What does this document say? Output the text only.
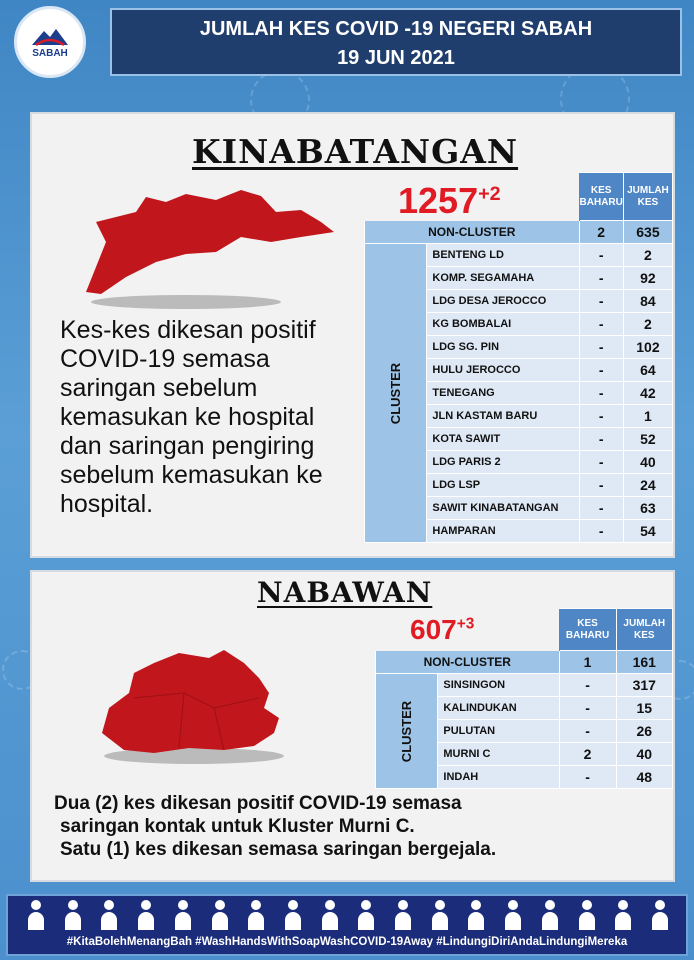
SABAH
JUMLAH KES COVID -19 NEGERI SABAH
19 JUN 2021
KINABATANGAN
$1257^{+2}$
Kes-kes dikesan positif COVID-19 semasa saringan sebelum kemasukan ke hospital dan saringan pengiring sebelum kemasukan ke hospital.
		KES BAHARU	JUMLAH KES
NON-CLUSTER		2	635
CLUSTER	BENTENG LD	-	2
	KOMP. SEGAMAHA	-	92
	LDG DESA JEROCCO	-	84
	KG BOMBALAI	-	2
	LDG SG. PIN	-	102
	HULU JEROCCO	-	64
	TENEGANG	-	42
	JLN KASTAM BARU	-	1
	KOTA SAWIT	-	52
	LDG PARIS 2	-	40
	LDG LSP	-	24
	SAWIT KINABATANGAN	-	63
	HAMPARAN	-	54
NABAWAN
$607^{+3}$
Dua (2) kes dikesan positif COVID-19 semasa
saringan kontak untuk Kluster Murni C.
Satu (1) kes dikesan semasa saringan bergejala.
		KES BAHARU	JUMLAH KES
NON-CLUSTER		1	161
CLUSTER	SINSINGON	-	317
	KALINDUKAN	-	15
	PULUTAN	-	26
	MURNI C	2	40
	INDAH	-	48
#KitaBolehMenangBah #WashHandsWithSoapWashCOVID-19Away #LindungiDiriAndaLindungiMereka
